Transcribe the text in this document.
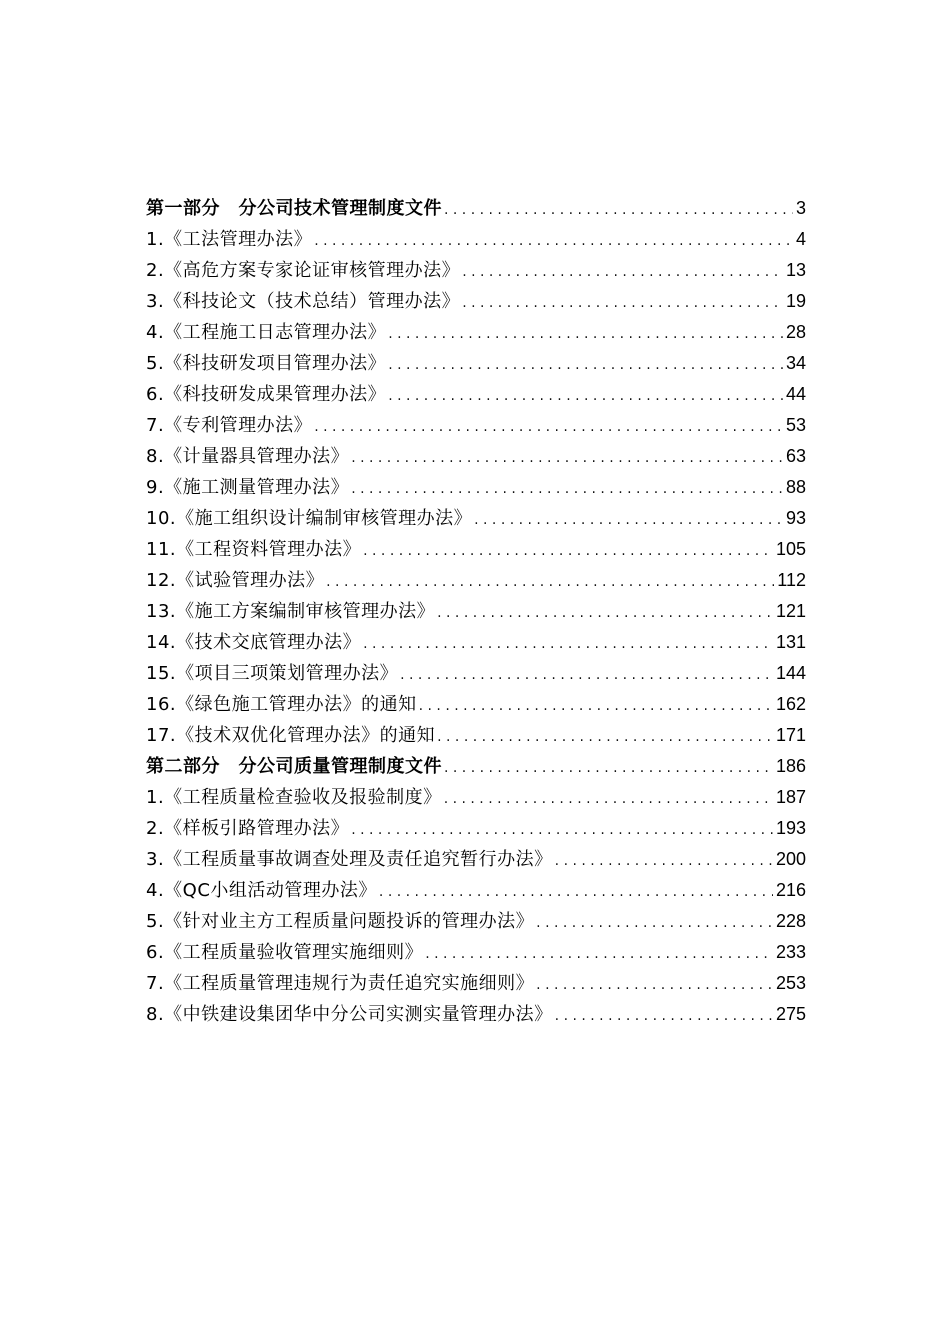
第一部分　分公司技术管理制度文件 . . .	3
1.《工法管理办法》 . . .	4
2.《高危方案专家论证审核管理办法》 . . .	13
3.《科技论文（技术总结）管理办法》 . . .	19
4.《工程施工日志管理办法》 . . .	28
5.《科技研发项目管理办法》 . . .	34
6.《科技研发成果管理办法》 . . .	44
7.《专利管理办法》 . . .	53
8.《计量器具管理办法》 . . .	63
9.《施工测量管理办法》 . . .	88
10.《施工组织设计编制审核管理办法》 . . .	93
11.《工程资料管理办法》 . . .	105
12.《试验管理办法》 . . .	112
13.《施工方案编制审核管理办法》 . . .	121
14.《技术交底管理办法》 . . .	131
15.《项目三项策划管理办法》 . . .	144
16.《绿色施工管理办法》的通知 . . .	162
17.《技术双优化管理办法》的通知 . . .	171
第二部分　分公司质量管理制度文件 . . .	186
1.《工程质量检查验收及报验制度》 . . .	187
2.《样板引路管理办法》 . . .	193
3.《工程质量事故调查处理及责任追究暂行办法》 . . .	200
4.《QC小组活动管理办法》 . . .	216
5.《针对业主方工程质量问题投诉的管理办法》 . . .	228
6.《工程质量验收管理实施细则》 . . .	233
7.《工程质量管理违规行为责任追究实施细则》 . . .	253
8.《中铁建设集团华中分公司实测实量管理办法》 . . .	275
